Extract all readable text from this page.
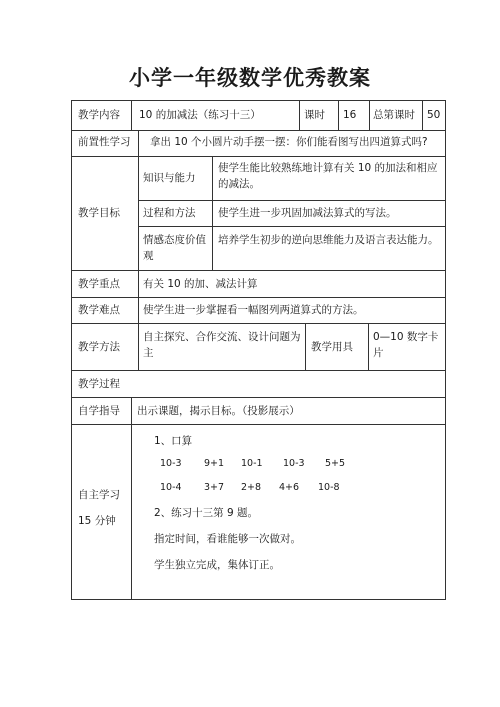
小学一年级数学优秀教案
教学内容 10 的加减法（练习十三）	课时 16 总第课时 50
前置性学习 拿出 10 个小圆片动手摆一摆：你们能看图写出四道算式吗?
教学目标
知识与能力
使学生能比较熟练地计算有关 10 的加法和相应的减法。
过程和方法 使学生进一步巩固加减法算式的写法。
情感态度价值观
培养学生初步的逆向思维能力及语言表达能力。
教学重点 有关 10 的加、减法计算
教学难点 使学生进一步掌握看一幅图列两道算式的方法。
教学方法
自主探究、合作交流、设计问题为主	教学用具
0—10 数字卡片
教学过程
自学指导 出示课题，揭示目标。（投影展示）
自主学习
15 分钟
1、口算
10-3 9+1 10-1 10-3 5+5
10-4 3+7 2+8 4+6 10-8
2、练习十三第 9 题。
指定时间，看谁能够一次做对。
学生独立完成，集体订正。
